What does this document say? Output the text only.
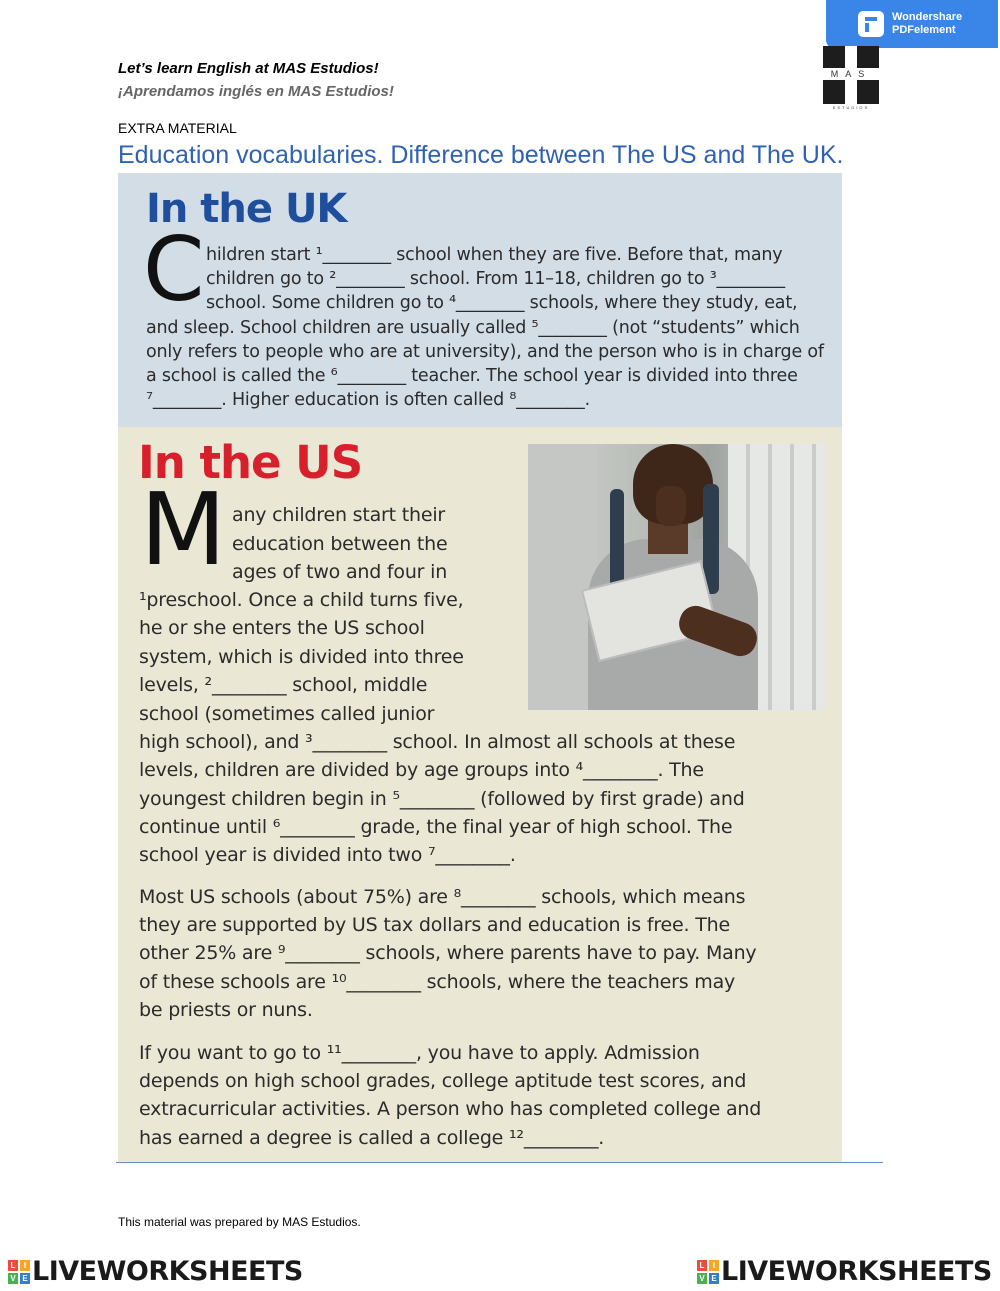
Wondershare
PDFelement
MAS
ESTUDIOS
Let’s learn English at MAS Estudios!
¡Aprendamos inglés en MAS Estudios!
EXTRA MATERIAL
Education vocabularies. Difference between The US and The UK.
In the UK
C hildren start ¹________ school when they are five. Before that, many
children go to ²________ school. From 11–18, children go to ³________
school. Some children go to ⁴________ schools, where they study, eat,
and sleep. School children are usually called ⁵________ (not “students” which
only refers to people who are at university), and the person who is in charge of
a school is called the ⁶________ teacher. The school year is divided into three
⁷________. Higher education is often called ⁸________.
In the US
M any children start their
education between the
ages of two and four in
¹preschool. Once a child turns five,
he or she enters the US school
system, which is divided into three
levels, ²________ school, middle
school (sometimes called junior
high school), and ³________ school. In almost all schools at these
levels, children are divided by age groups into ⁴________. The
youngest children begin in ⁵________ (followed by first grade) and
continue until ⁶________ grade, the final year of high school. The
school year is divided into two ⁷________.
Most US schools (about 75%) are ⁸________ schools, which means
they are supported by US tax dollars and education is free. The
other 25% are ⁹________ schools, where parents have to pay. Many
of these schools are ¹⁰________ schools, where the teachers may
be priests or nuns.
If you want to go to ¹¹________, you have to apply. Admission
depends on high school grades, college aptitude test scores, and
extracurricular activities. A person who has completed college and
has earned a degree is called a college ¹²________.
This material was prepared by MAS Estudios.
L	I
V E LIVEWORKSHEETS	L	I
V E LIVEWORKSHEETS
